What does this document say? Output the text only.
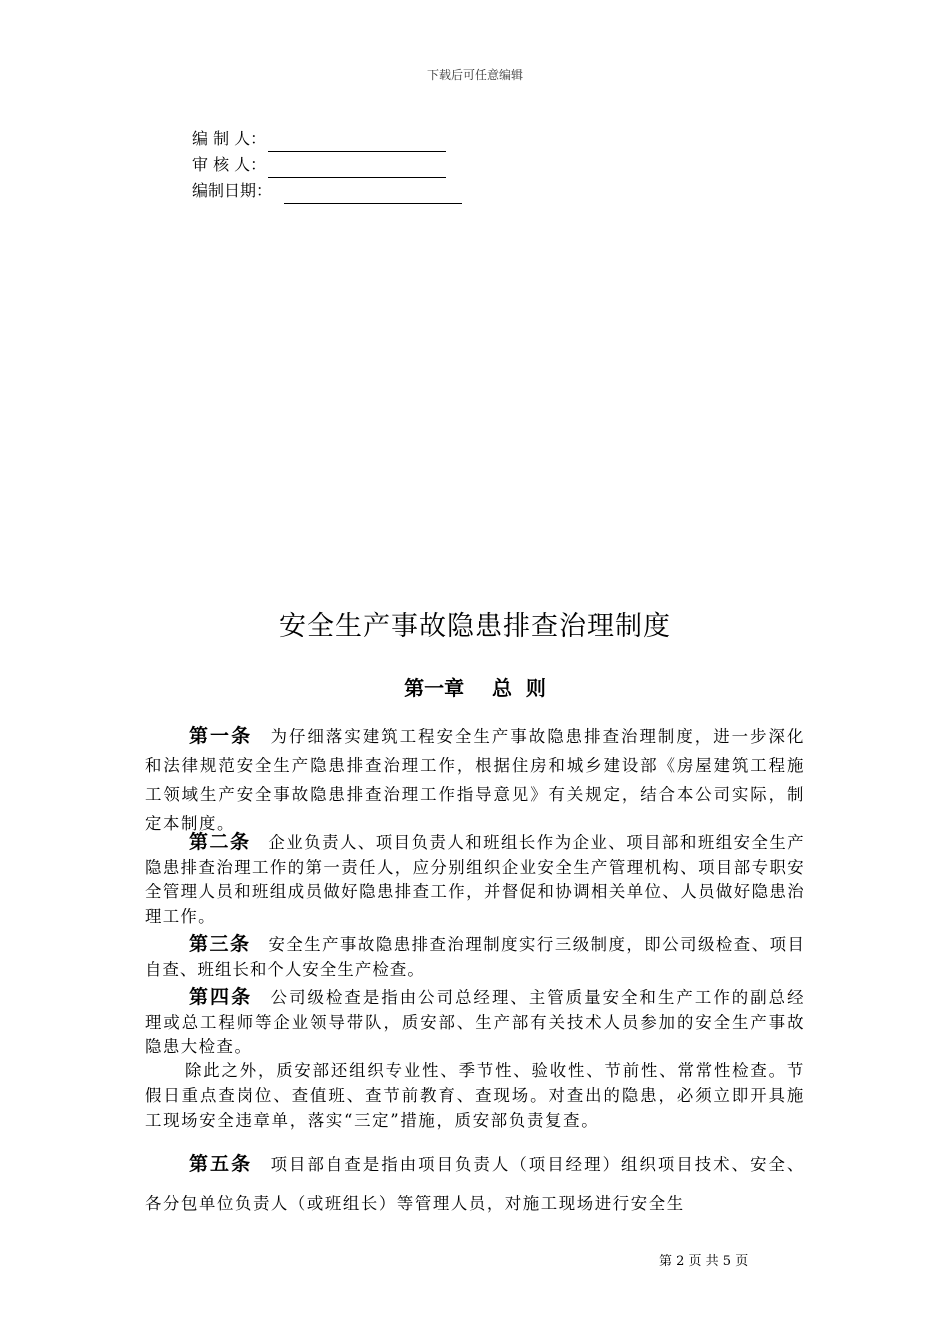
下载后可任意编辑
编 制 人：
审 核 人：
编制日期：
安全生产事故隐患排查治理制度
第一章 总  则

第一条  为仔细落实建筑工程安全生产事故隐患排查治理制度，进一步深化和法律规范安全生产隐患排查治理工作，根据住房和城乡建设部《房屋建筑工程施工领域生产安全事故隐患排查治理工作指导意见》有关规定，结合本公司实际，制定本制度。

第二条  企业负责人、项目负责人和班组长作为企业、项目部和班组安全生产隐患排查治理工作的第一责任人，应分别组织企业安全生产管理机构、项目部专职安全管理人员和班组成员做好隐患排查工作，并督促和协调相关单位、人员做好隐患治理工作。

第三条  安全生产事故隐患排查治理制度实行三级制度，即公司级检查、项目自查、班组长和个人安全生产检查。

第四条  公司级检查是指由公司总经理、主管质量安全和生产工作的副总经理或总工程师等企业领导带队，质安部、生产部有关技术人员参加的安全生产事故隐患大检查。

除此之外，质安部还组织专业性、季节性、验收性、节前性、常常性检查。节假日重点查岗位、查值班、查节前教育、查现场。对查出的隐患，必须立即开具施工现场安全违章单，落实“三定”措施，质安部负责复查。

第五条  项目部自查是指由项目负责人（项目经理）组织项目技术、安全、各分包单位负责人（或班组长）等管理人员，对施工现场进行安全生

第 2 页 共 5 页
